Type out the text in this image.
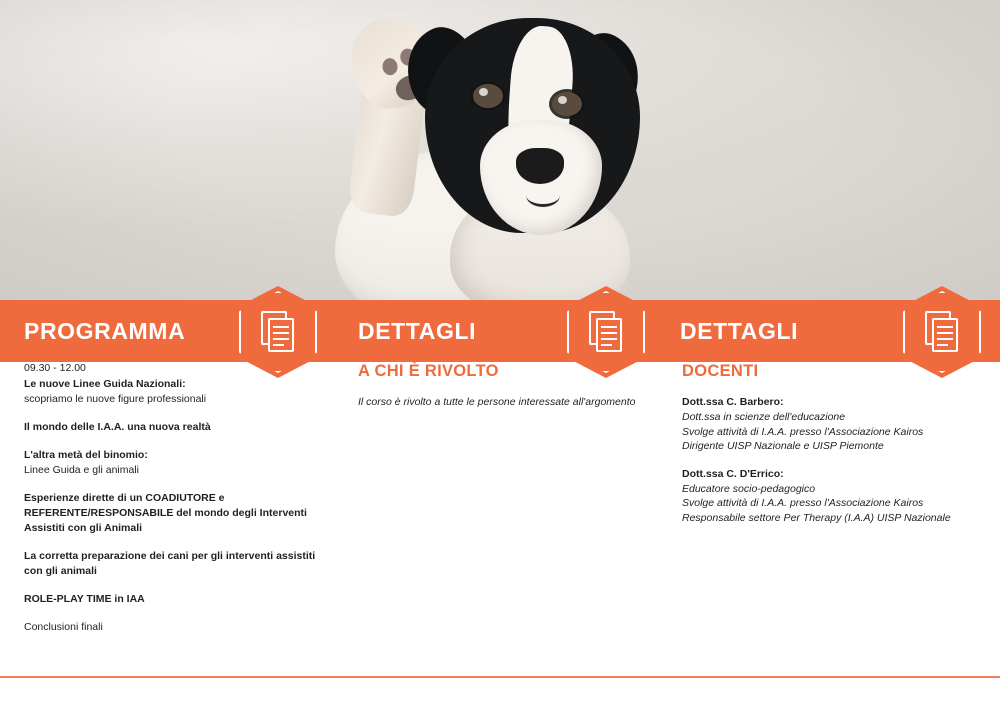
PROGRAMMA	DETTAGLI	DETTAGLI

09.30 - 12.00

Le nuove Linee Guida Nazionali:

scopriamo le nuove figure professionali

Il mondo delle I.A.A. una nuova realtà

L'altra metà del binomio:

Linee Guida e gli animali

Esperienze dirette di un COADIUTORE e REFERENTE/RESPONSABILE del mondo degli Interventi Assistiti con gli Animali

La corretta preparazione dei cani per gli interventi assistiti con gli animali

ROLE-PLAY TIME in IAA

Conclusioni finali

A CHI È RIVOLTO

Il corso è rivolto a tutte le persone interessate all'argomento

DOCENTI

Dott.ssa C. Barbero:

Dott.ssa in scienze dell'educazione

Svolge attività di I.A.A. presso l'Associazione Kairos

Dirigente UISP Nazionale e UISP Piemonte

Dott.ssa C. D'Errico:

Educatore socio-pedagogico

Svolge attività di I.A.A. presso l'Associazione Kairos

Responsabile settore Per Therapy (I.A.A) UISP Nazionale
